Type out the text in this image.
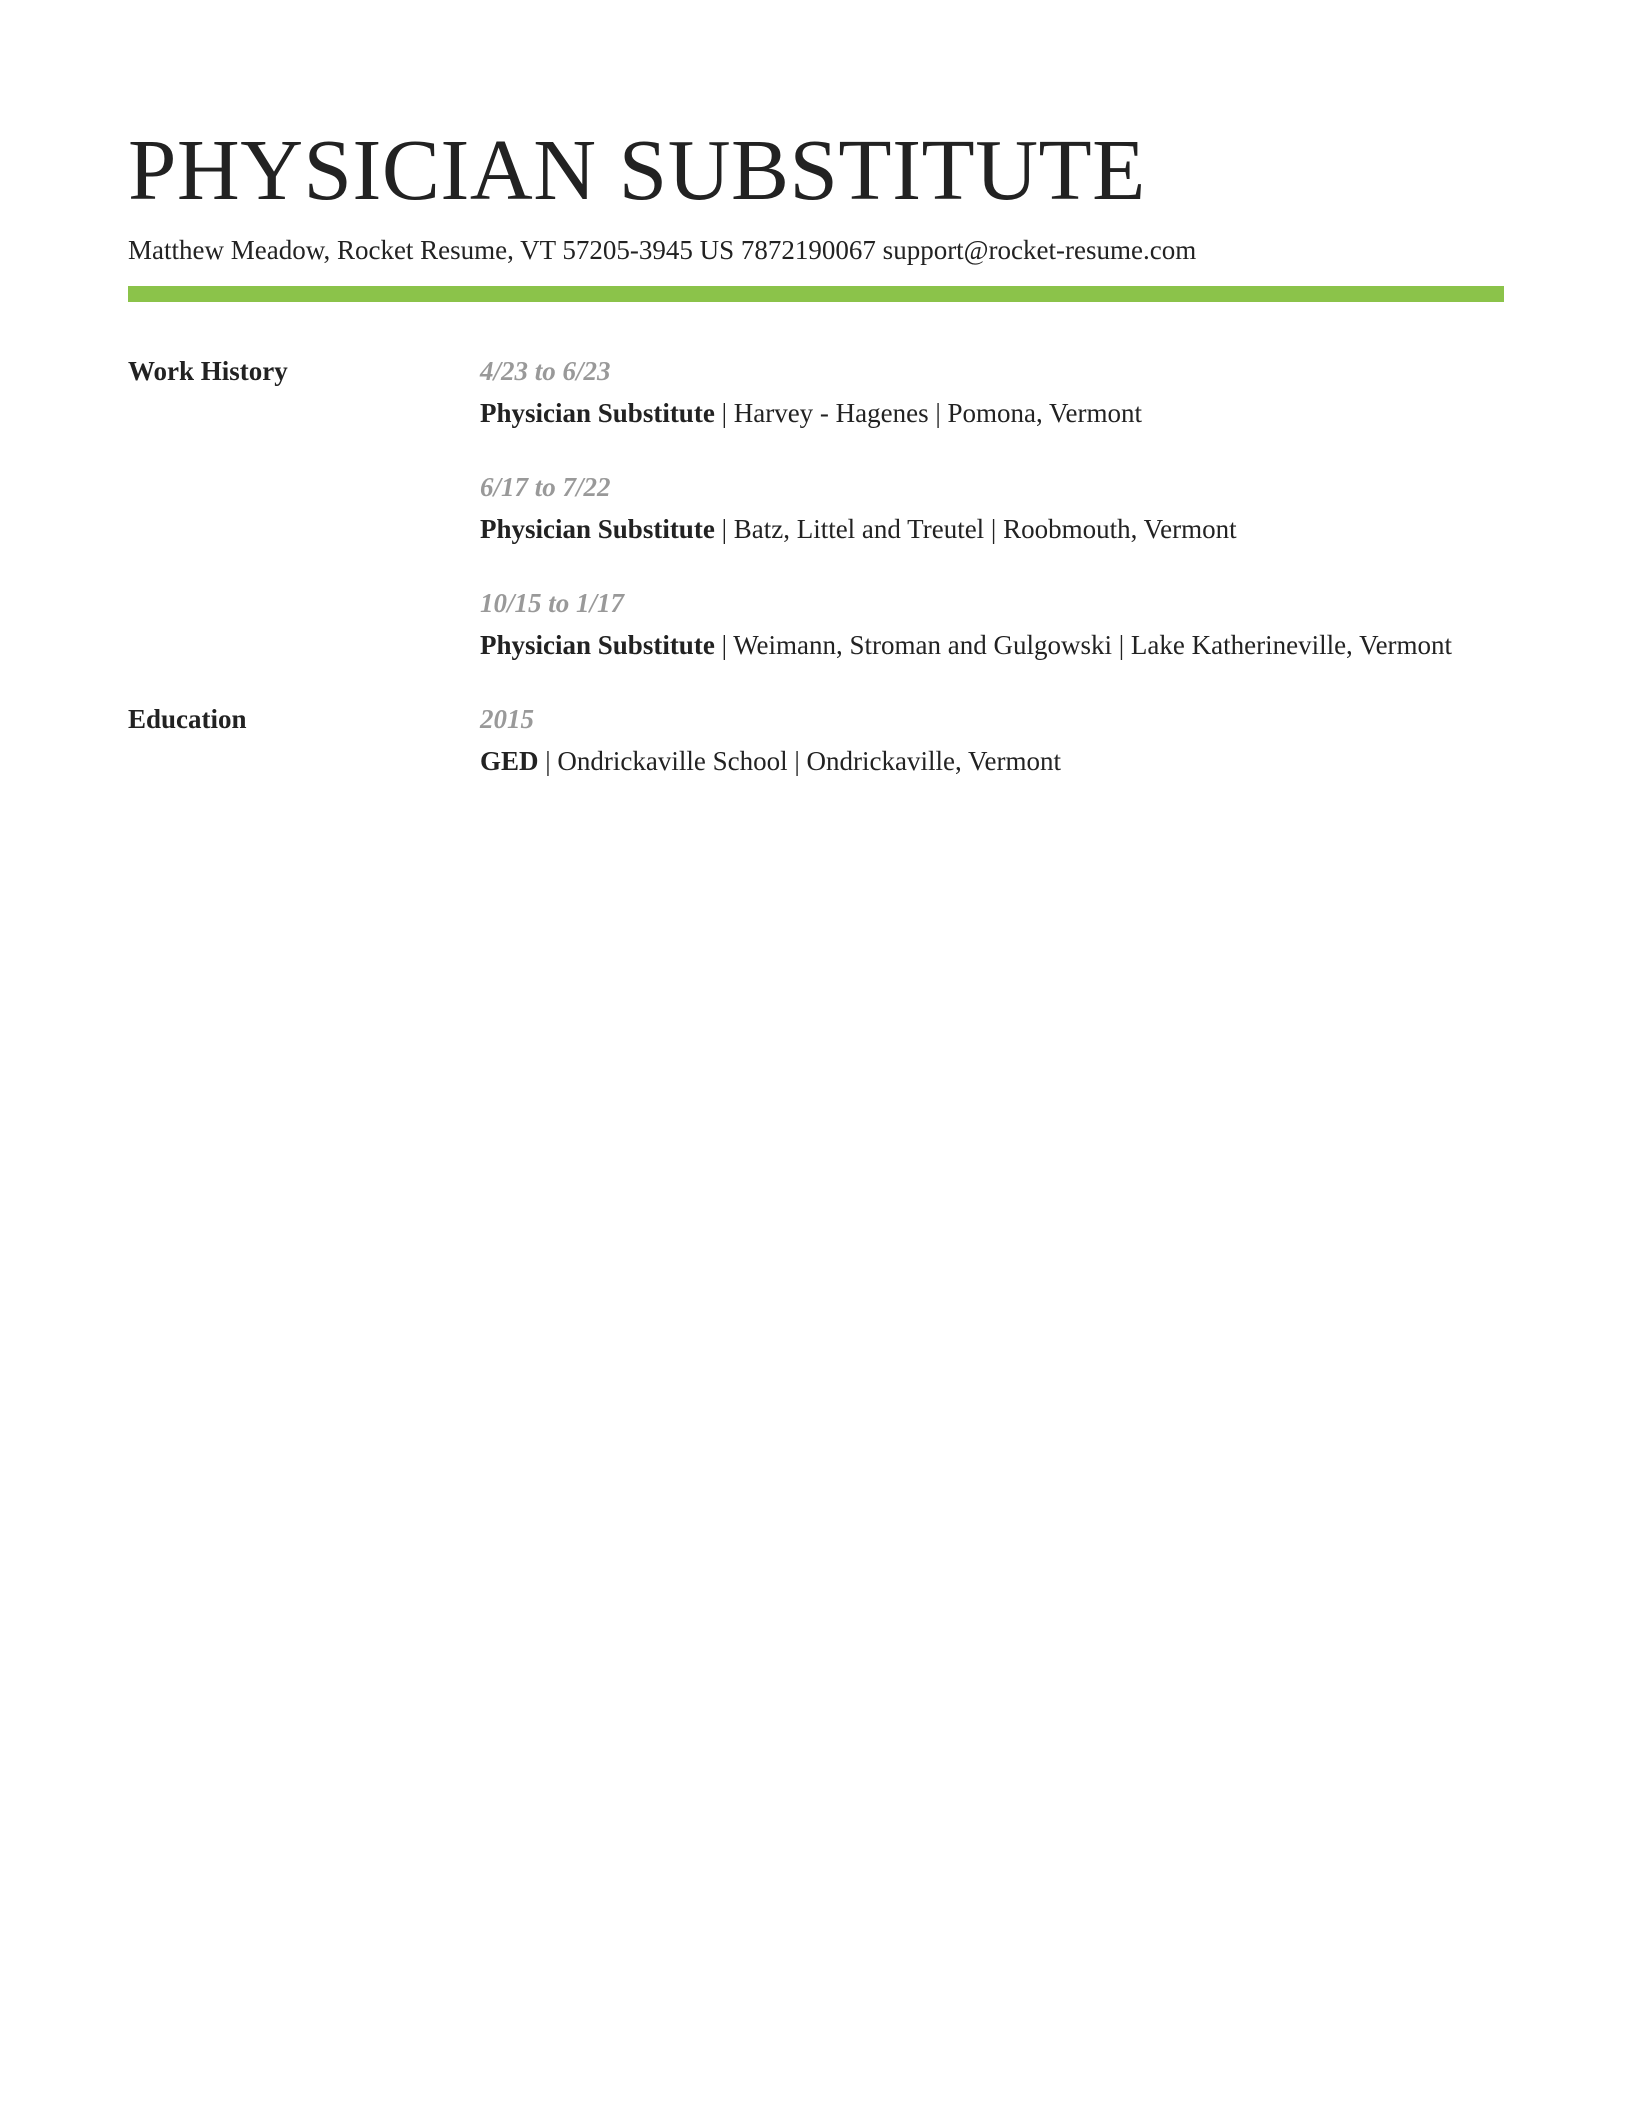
PHYSICIAN SUBSTITUTE
Matthew Meadow, Rocket Resume, VT 57205-3945 US 7872190067 support@rocket-resume.com
Work History	4/23 to 6/23
Physician Substitute | Harvey - Hagenes | Pomona, Vermont
6/17 to 7/22
Physician Substitute | Batz, Littel and Treutel | Roobmouth, Vermont
10/15 to 1/17
Physician Substitute | Weimann, Stroman and Gulgowski | Lake Katherineville, Vermont
Education	2015
GED | Ondrickaville School | Ondrickaville, Vermont
